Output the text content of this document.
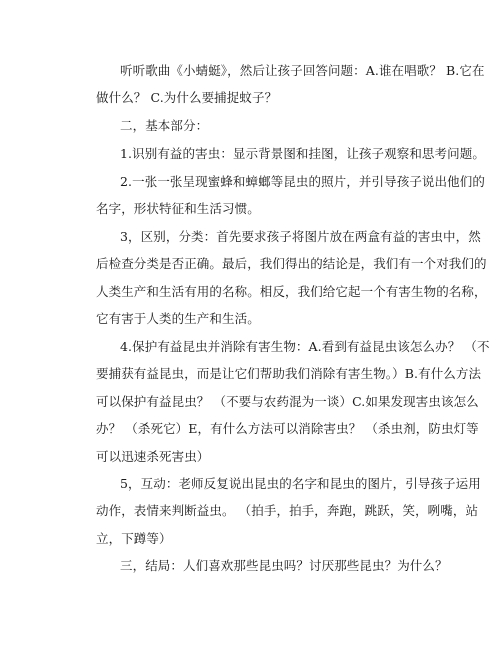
听听歌曲《小蜻蜓》，然后让孩子回答问题：A.谁在唱歌？ B.它在
做什么？ C.为什么要捕捉蚊子？
二，基本部分：
1.识别有益的害虫：显示背景图和挂图，让孩子观察和思考问题。
2.一张一张呈现蜜蜂和蟑螂等昆虫的照片，并引导孩子说出他们的
名字，形状特征和生活习惯。
3，区别，分类：首先要求孩子将图片放在两盒有益的害虫中，然
后检查分类是否正确。最后，我们得出的结论是，我们有一个对我们的
人类生产和生活有用的名称。相反，我们给它起一个有害生物的名称，
它有害于人类的生产和生活。
4.保护有益昆虫并消除有害生物：A.看到有益昆虫该怎么办？ （不
要捕获有益昆虫，而是让它们帮助我们消除有害生物。）B.有什么方法
可以保护有益昆虫？ （不要与农药混为一谈）C.如果发现害虫该怎么
办？ （杀死它）E，有什么方法可以消除害虫？ （杀虫剂，防虫灯等
可以迅速杀死害虫）
5，互动：老师反复说出昆虫的名字和昆虫的图片，引导孩子运用
动作，表情来判断益虫。 （拍手，拍手，奔跑，跳跃，笑，咧嘴，站
立，下蹲等）
三，结局：人们喜欢那些昆虫吗？讨厌那些昆虫？为什么？
